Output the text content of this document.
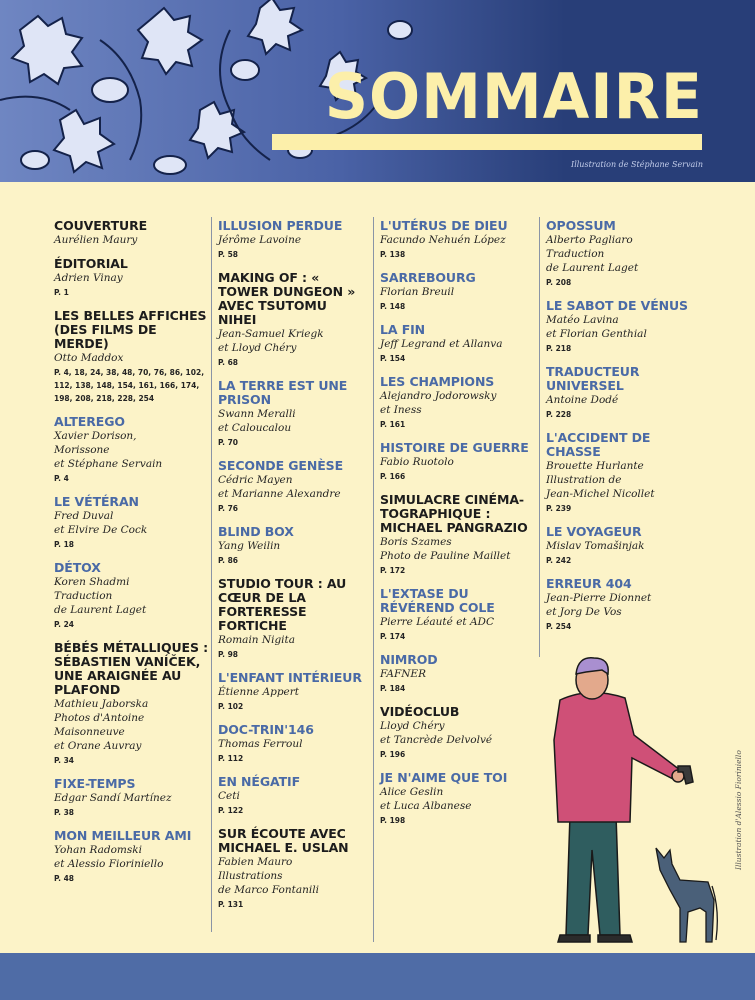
SOMMAIRE
Illustration de Stéphane Servain
COUVERTURE

Aurélien Maury

ÉDITORIAL

Adrien Vinay

P. 1

LES BELLES AFFICHES (DES FILMS DE MERDE)

Otto Maddox

P. 4, 18, 24, 38, 48, 70, 76, 86, 102, 112, 138, 148, 154, 161, 166, 174, 198, 208, 218, 228, 254

ALTEREGO

Xavier Dorison,

Morissone

et Stéphane Servain

P. 4

LE VÉTÉRAN

Fred Duval

et Elvire De Cock

P. 18

DÉTOX

Koren Shadmi

Traduction

de Laurent Laget

P. 24

BÉBÉS MÉTALLIQUES : SÉBASTIEN VANÍČEK, UNE ARAIGNÉE AU PLAFOND

Mathieu Jaborska

Photos d'Antoine

Maisonneuve

et Orane Auvray

P. 34

FIXE-TEMPS

Edgar Sandí Martínez

P. 38

MON MEILLEUR AMI

Yohan Radomski

et Alessio Fioriniello

P. 48

ILLUSION PERDUE

Jérôme Lavoine

P. 58

MAKING OF : « TOWER DUNGEON » AVEC TSUTOMU NIHEI

Jean-Samuel Kriegk

et Lloyd Chéry

P. 68

LA TERRE EST UNE PRISON

Swann Meralli

et Caloucalou

P. 70

SECONDE GENÈSE

Cédric Mayen

et Marianne Alexandre

P. 76

BLIND BOX

Yang Weilin

P. 86

STUDIO TOUR : AU CŒUR DE LA FORTERESSE FORTICHE

Romain Nigita

P. 98

L'ENFANT INTÉRIEUR

Étienne Appert

P. 102

DOC-TRIN'146

Thomas Ferroul

P. 112

EN NÉGATIF

Ceti

P. 122

SUR ÉCOUTE AVEC MICHAEL E. USLAN

Fabien Mauro

Illustrations

de Marco Fontanili

P. 131

L'UTÉRUS DE DIEU

Facundo Nehuén López

P. 138

SARREBOURG

Florian Breuil

P. 148

LA FIN

Jeff Legrand et Allanva

P. 154

LES CHAMPIONS

Alejandro Jodorowsky

et Iness

P. 161

HISTOIRE DE GUERRE

Fabio Ruotolo

P. 166

SIMULACRE CINÉMA-TOGRAPHIQUE : MICHAEL PANGRAZIO

Boris Szames

Photo de Pauline Maillet

P. 172

L'EXTASE DU RÉVÉREND COLE

Pierre Léauté et ADC

P. 174

NIMROD

FAFNER

P. 184

VIDÉOCLUB

Lloyd Chéry

et Tancrède Delvolvé

P. 196

JE N'AIME QUE TOI

Alice Geslin

et Luca Albanese

P. 198

OPOSSUM

Alberto Pagliaro

Traduction

de Laurent Laget

P. 208

LE SABOT DE VÉNUS

Matéo Lavina

et Florian Genthial

P. 218

TRADUCTEUR UNIVERSEL

Antoine Dodé

P. 228

L'ACCIDENT DE CHASSE

Brouette Hurlante

Illustration de

Jean-Michel Nicollet

P. 239

LE VOYAGEUR

Mislav Tomašinjak

P. 242

ERREUR 404

Jean-Pierre Dionnet

et Jorg De Vos

P. 254

Illustration d'Alessio Fioriniello
